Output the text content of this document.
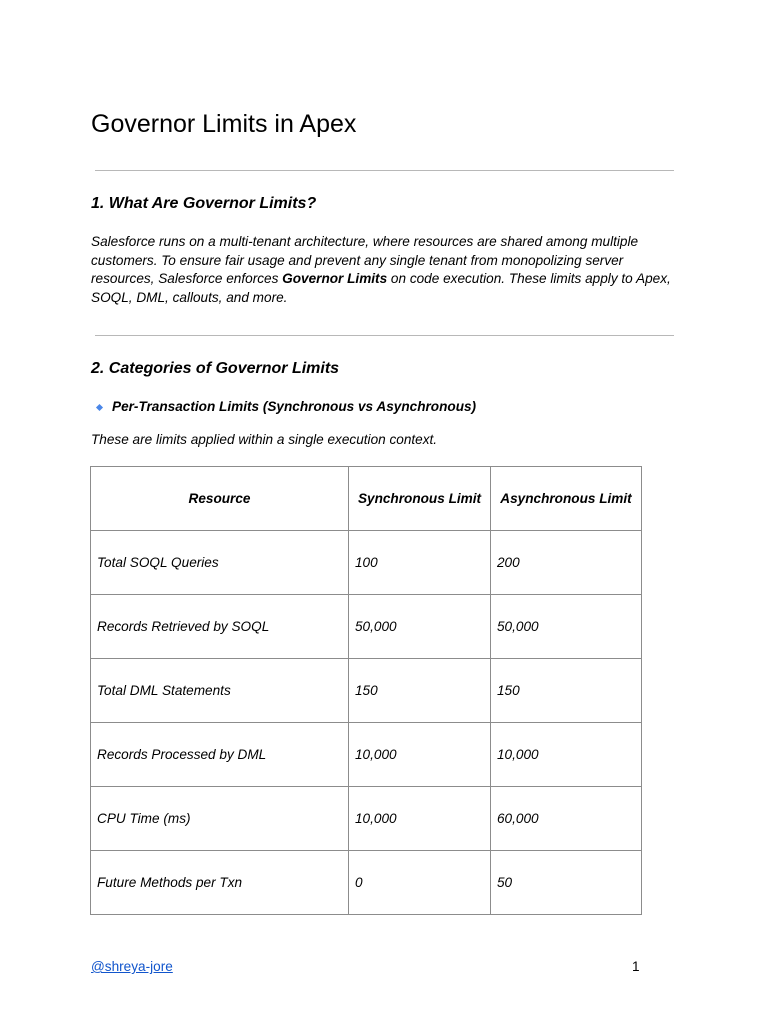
Governor Limits in Apex
1. What Are Governor Limits?

Salesforce runs on a multi-tenant architecture, where resources are shared among multiple customers. To ensure fair usage and prevent any single tenant from monopolizing server resources, Salesforce enforces Governor Limits on code execution. These limits apply to Apex, SOQL, DML, callouts, and more.

2. Categories of Governor Limits
Per-Transaction Limits (Synchronous vs Asynchronous)

These are limits applied within a single execution context.

Resource	Synchronous Limit	Asynchronous Limit
Total SOQL Queries	100	200
Records Retrieved by SOQL	50,000	50,000
Total DML Statements	150	150
Records Processed by DML	10,000	10,000
CPU Time (ms)	10,000	60,000
Future Methods per Txn	0	50
@shreya-jore	1
